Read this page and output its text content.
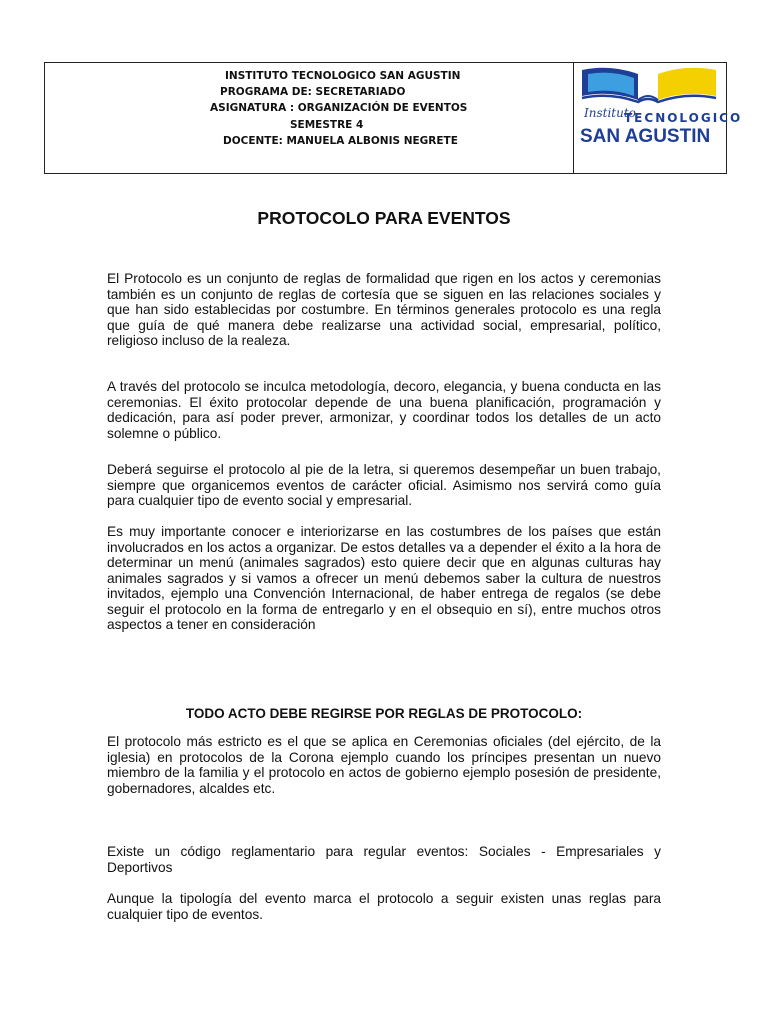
INSTITUTO TECNOLOGICO SAN AGUSTIN
PROGRAMA DE: SECRETARIADO
ASIGNATURA : ORGANIZACIÓN DE EVENTOS
SEMESTRE 4
DOCENTE: MANUELA ALBONIS NEGRETE
Instituto
TECNOLOGICO
SAN AGUSTIN
PROTOCOLO PARA EVENTOS
El Protocolo es un conjunto de reglas de formalidad que rigen en los actos y ceremonias también es un conjunto de reglas de cortesía que se siguen en las relaciones sociales y que han sido establecidas por costumbre. En términos generales protocolo es una regla que guía de qué manera debe realizarse una actividad social, empresarial, político, religioso incluso de la realeza.
A través del protocolo se inculca metodología, decoro, elegancia, y buena conducta en las ceremonias. El éxito protocolar depende de una buena planificación, programación y dedicación, para así poder prever, armonizar, y coordinar todos los detalles de un acto solemne o público.
Deberá seguirse el protocolo al pie de la letra, si queremos desempeñar un buen trabajo, siempre que organicemos eventos de carácter oficial. Asimismo nos servirá como guía para cualquier tipo de evento social y empresarial.
Es muy importante conocer e interiorizarse en las costumbres de los países que están involucrados en los actos a organizar. De estos detalles va a depender el éxito a la hora de determinar un menú (animales sagrados) esto quiere decir que en algunas culturas hay animales sagrados y si vamos a ofrecer un menú debemos saber la cultura de nuestros invitados, ejemplo una Convención Internacional, de haber entrega de regalos (se debe seguir el protocolo en la forma de entregarlo y en el obsequio en sí), entre muchos otros aspectos a tener en consideración
TODO ACTO DEBE REGIRSE POR REGLAS DE PROTOCOLO:
El protocolo más estricto es el que se aplica en Ceremonias oficiales (del ejército, de la iglesia) en protocolos de la Corona ejemplo cuando los príncipes presentan un nuevo miembro de la familia y el protocolo en actos de gobierno ejemplo posesión de presidente, gobernadores, alcaldes etc.
Existe un código reglamentario para regular eventos: Sociales - Empresariales y Deportivos
Aunque la tipología del evento marca el protocolo a seguir existen unas reglas para cualquier tipo de eventos.
